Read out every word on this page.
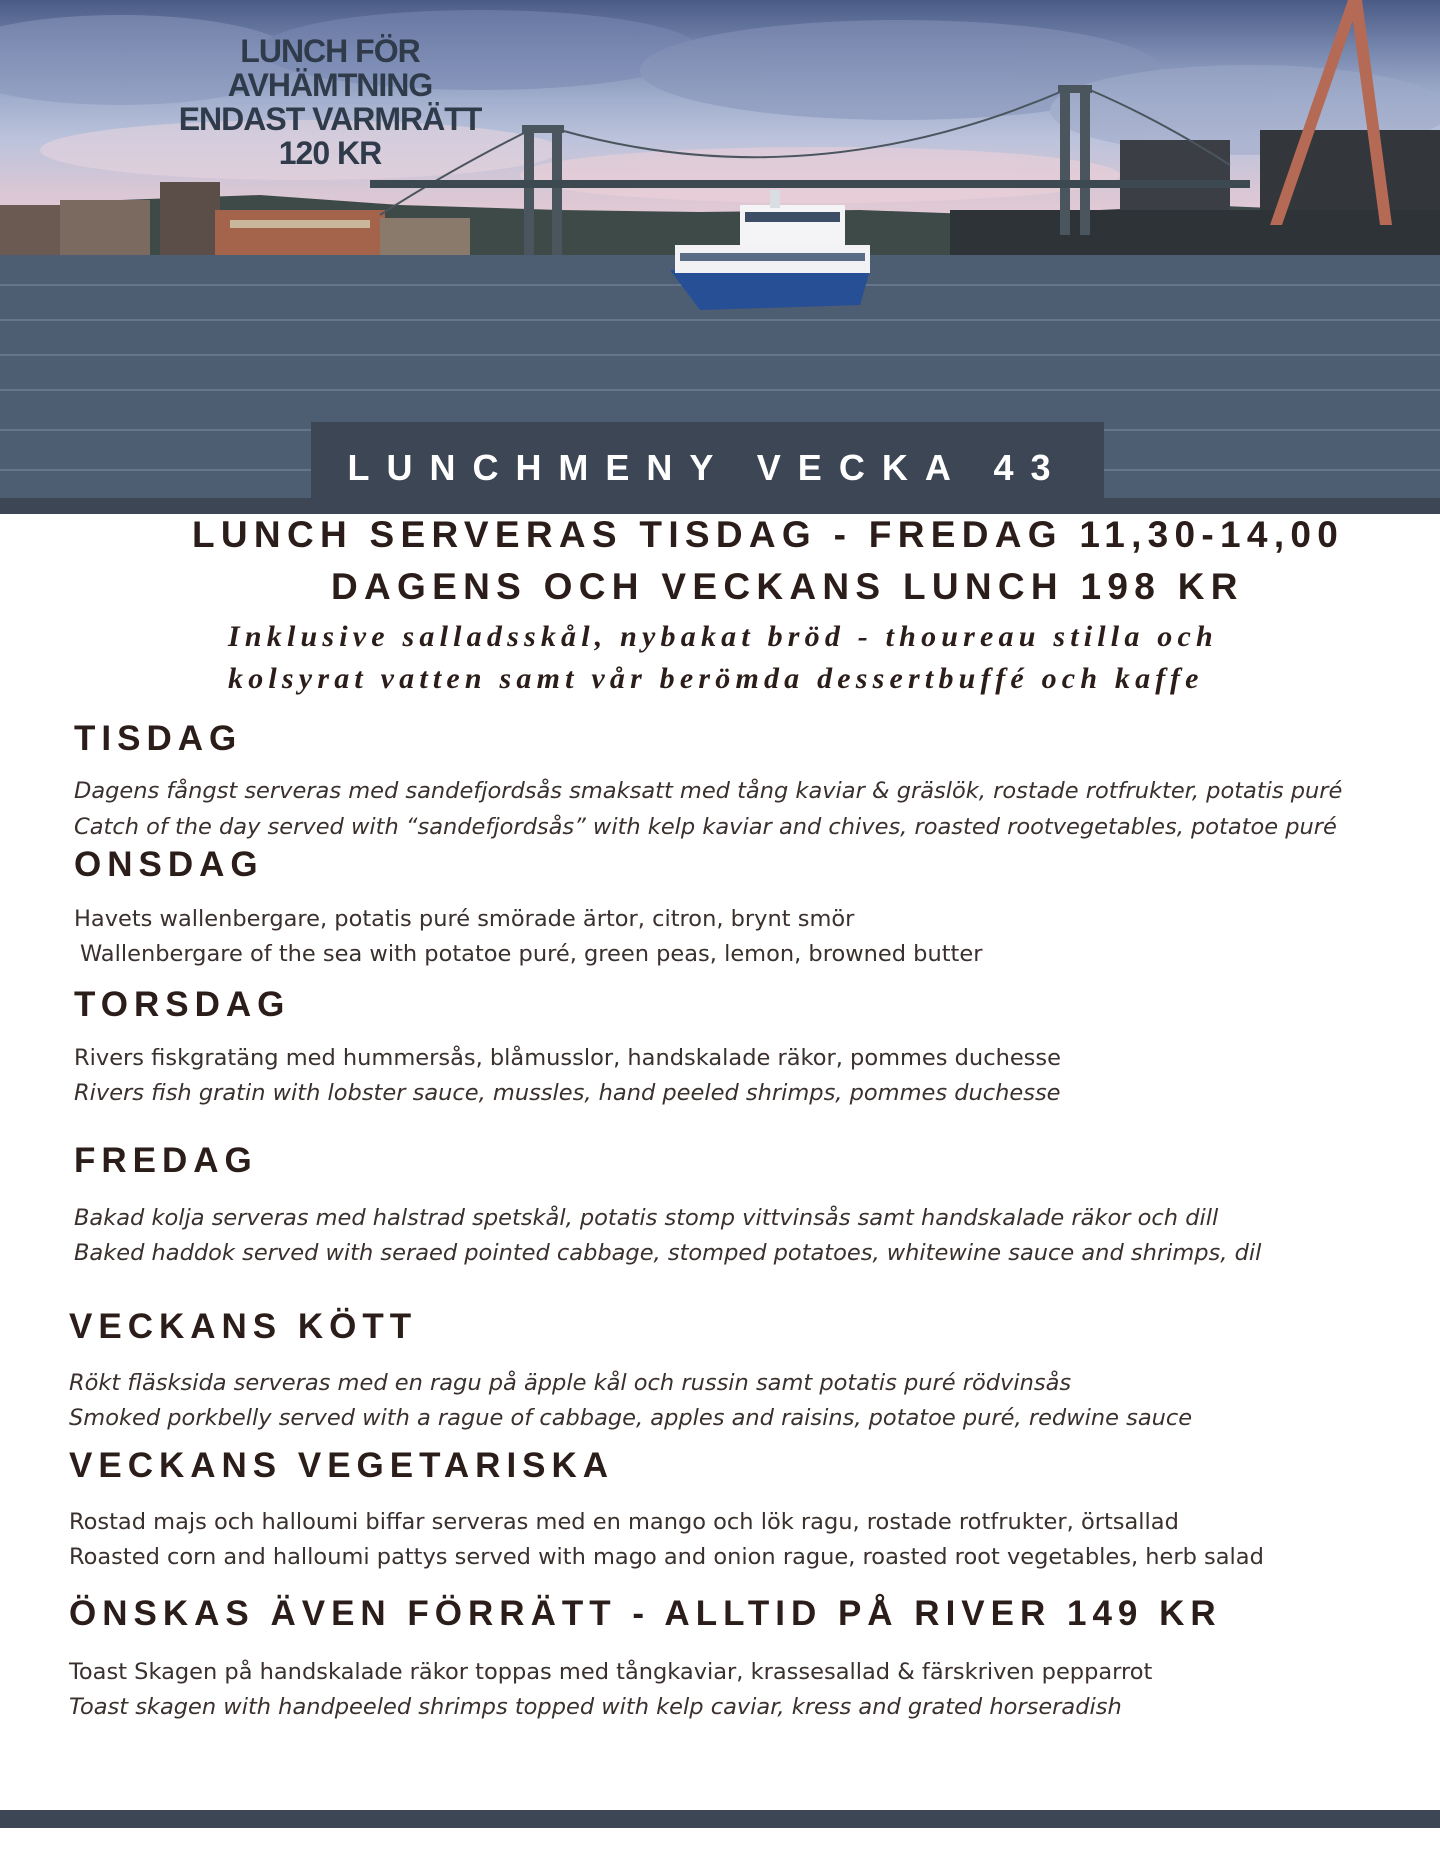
LUNCH FÖR
AVHÄMTNING
ENDAST VARMRÄTT
120 KR
LUNCHMENY VECKA 43
LUNCH SERVERAS TISDAG - FREDAG 11,30-14,00
DAGENS OCH VECKANS LUNCH 198 KR
Inklusive salladsskål, nybakat bröd - thoureau stilla och
kolsyrat vatten samt vår berömda dessertbuffé och kaffe
TISDAG
Dagens fångst serveras med sandefjordsås smaksatt med tång kaviar & gräslök, rostade rotfrukter, potatis puré
Catch of the day served with “sandefjordsås” with kelp kaviar and chives, roasted rootvegetables, potatoe puré
ONSDAG
Havets wallenbergare, potatis puré smörade ärtor, citron, brynt smör
Wallenbergare of the sea with potatoe puré, green peas, lemon, browned butter
TORSDAG
Rivers fiskgratäng med hummersås, blåmusslor, handskalade räkor, pommes duchesse
Rivers fish gratin with lobster sauce, mussles, hand peeled shrimps, pommes duchesse
FREDAG
Bakad kolja serveras med halstrad spetskål, potatis stomp vittvinsås samt handskalade räkor och dill
Baked haddok served with seraed pointed cabbage, stomped potatoes, whitewine sauce and shrimps, dil
VECKANS KÖTT
Rökt fläsksida serveras med en ragu på äpple kål och russin samt potatis puré rödvinsås
Smoked porkbelly served with a rague of cabbage, apples and raisins, potatoe puré, redwine sauce
VECKANS VEGETARISKA
Rostad majs och halloumi biffar serveras med en mango och lök ragu, rostade rotfrukter, örtsallad
Roasted corn and halloumi pattys served with mago and onion rague, roasted root vegetables, herb salad
ÖNSKAS ÄVEN FÖRRÄTT - ALLTID PÅ RIVER 149 KR
Toast Skagen på handskalade räkor toppas med tångkaviar, krassesallad & färskriven pepparrot
Toast skagen with handpeeled shrimps topped with kelp caviar, kress and grated horseradish
